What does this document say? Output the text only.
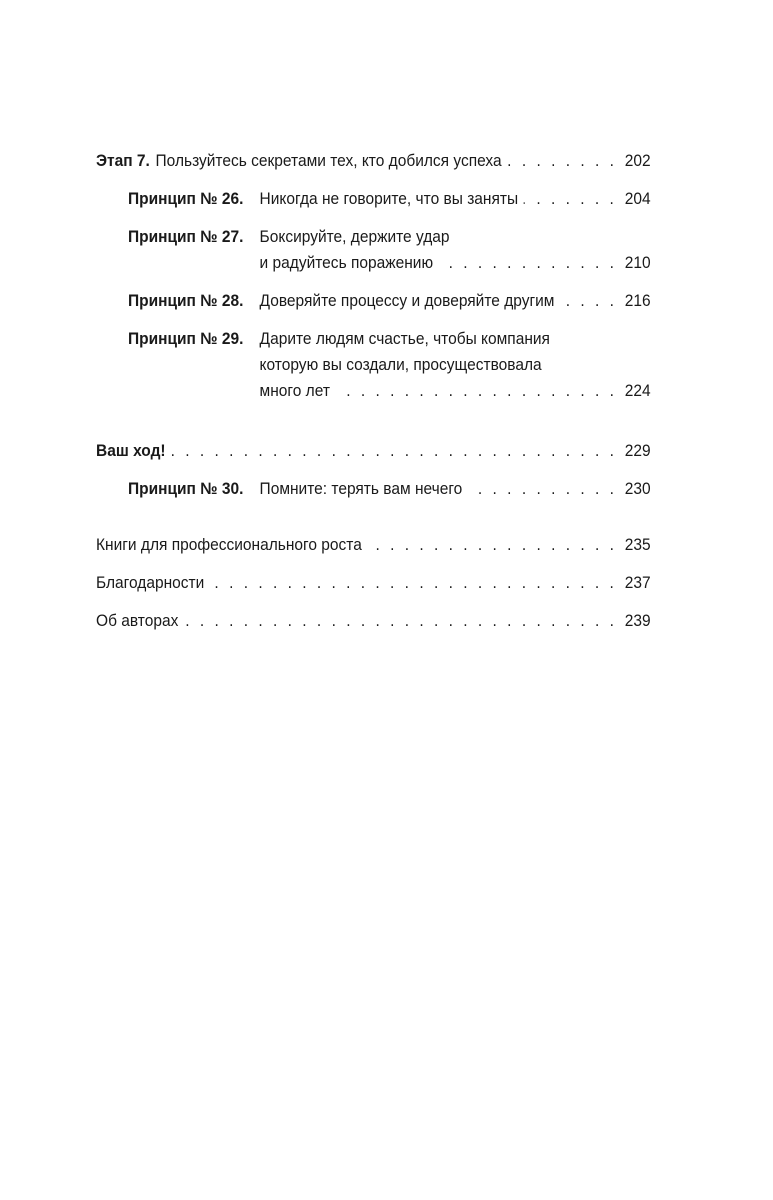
Этап 7. Пользуйтесь секретами тех, кто добился успеха . . .	202
Принцип № 26. Никогда не говорите, что вы заняты . . .	204
Принцип № 27. Боксируйте, держите удар
и радуйтесь поражению . . .	210
Принцип № 28. Доверяйте процессу и доверяйте другим . . .	216
Принцип № 29. Дарите людям счастье, чтобы компания
которую вы создали, просуществовала
много лет . . .	224
Ваш ход! . . .	229
Принцип № 30. Помните: терять вам нечего . . .	230
Книги для профессионального роста . . .	235
Благодарности . . .	237
Об авторах . . .	239
